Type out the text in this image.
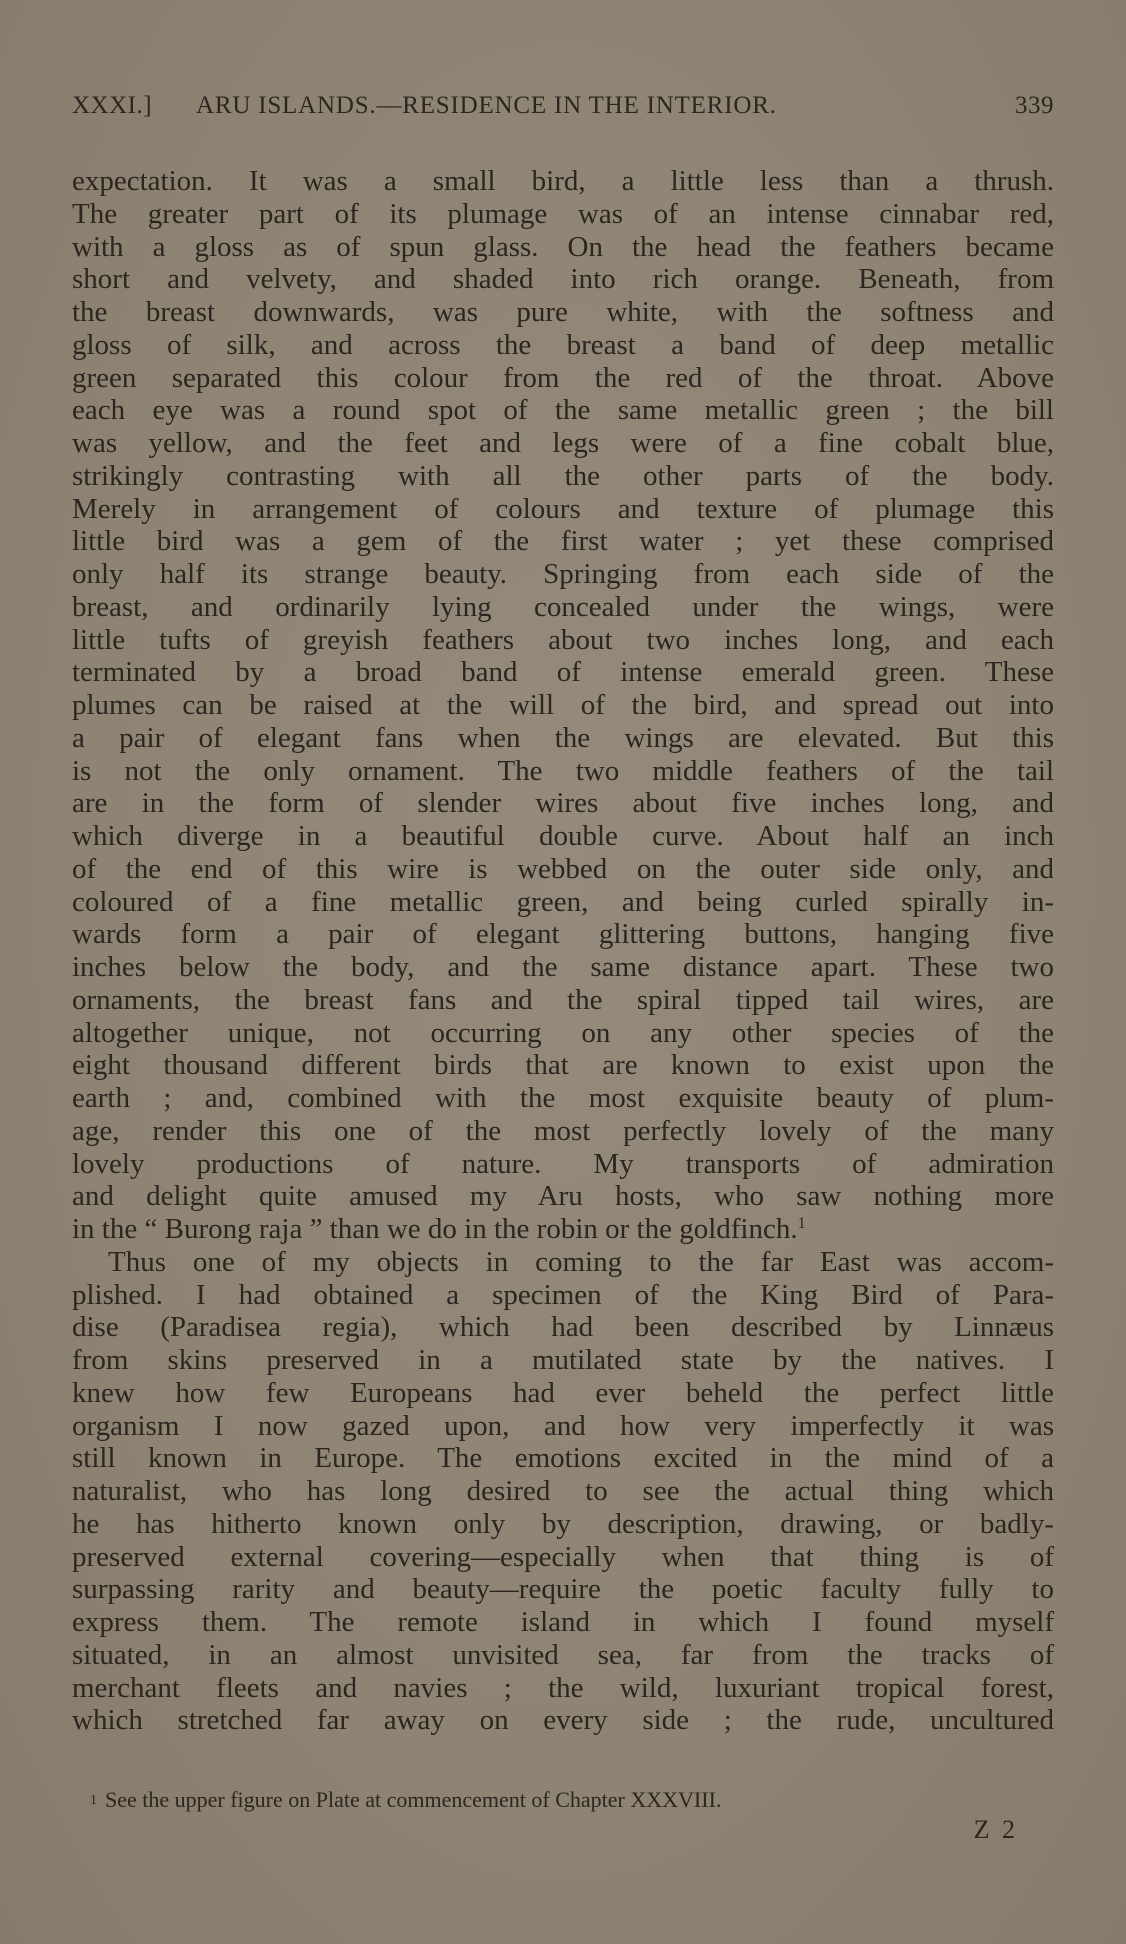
XXXI.] ARU ISLANDS.—RESIDENCE IN THE INTERIOR.	339
expectation. It was a small bird, a little less than a thrush.
The greater part of its plumage was of an intense cinnabar red,
with a gloss as of spun glass. On the head the feathers became
short and velvety, and shaded into rich orange. Beneath, from
the breast downwards, was pure white, with the softness and
gloss of silk, and across the breast a band of deep metallic
green separated this colour from the red of the throat. Above
each eye was a round spot of the same metallic green ; the bill
was yellow, and the feet and legs were of a fine cobalt blue,
strikingly contrasting with all the other parts of the body.
Merely in arrangement of colours and texture of plumage this
little bird was a gem of the first water ; yet these comprised
only half its strange beauty. Springing from each side of the
breast, and ordinarily lying concealed under the wings, were
little tufts of greyish feathers about two inches long, and each
terminated by a broad band of intense emerald green. These
plumes can be raised at the will of the bird, and spread out into
a pair of elegant fans when the wings are elevated. But this
is not the only ornament. The two middle feathers of the tail
are in the form of slender wires about five inches long, and
which diverge in a beautiful double curve. About half an inch
of the end of this wire is webbed on the outer side only, and
coloured of a fine metallic green, and being curled spirally in-
wards form a pair of elegant glittering buttons, hanging five
inches below the body, and the same distance apart. These two
ornaments, the breast fans and the spiral tipped tail wires, are
altogether unique, not occurring on any other species of the
eight thousand different birds that are known to exist upon the
earth ; and, combined with the most exquisite beauty of plum-
age, render this one of the most perfectly lovely of the many
lovely productions of nature. My transports of admiration
and delight quite amused my Aru hosts, who saw nothing more
in the “ Burong raja ” than we do in the robin or the goldfinch.$^1$
Thus one of my objects in coming to the far East was accom-
plished. I had obtained a specimen of the King Bird of Para-
dise (Paradisea regia), which had been described by Linnæus
from skins preserved in a mutilated state by the natives. I
knew how few Europeans had ever beheld the perfect little
organism I now gazed upon, and how very imperfectly it was
still known in Europe. The emotions excited in the mind of a
naturalist, who has long desired to see the actual thing which
he has hitherto known only by description, drawing, or badly-
preserved external covering—especially when that thing is of
surpassing rarity and beauty—require the poetic faculty fully to
express them. The remote island in which I found myself
situated, in an almost unvisited sea, far from the tracks of
merchant fleets and navies ; the wild, luxuriant tropical forest,
which stretched far away on every side ; the rude, uncultured
$^1$ See the upper figure on Plate at commencement of Chapter XXXVIII.
Z 2
